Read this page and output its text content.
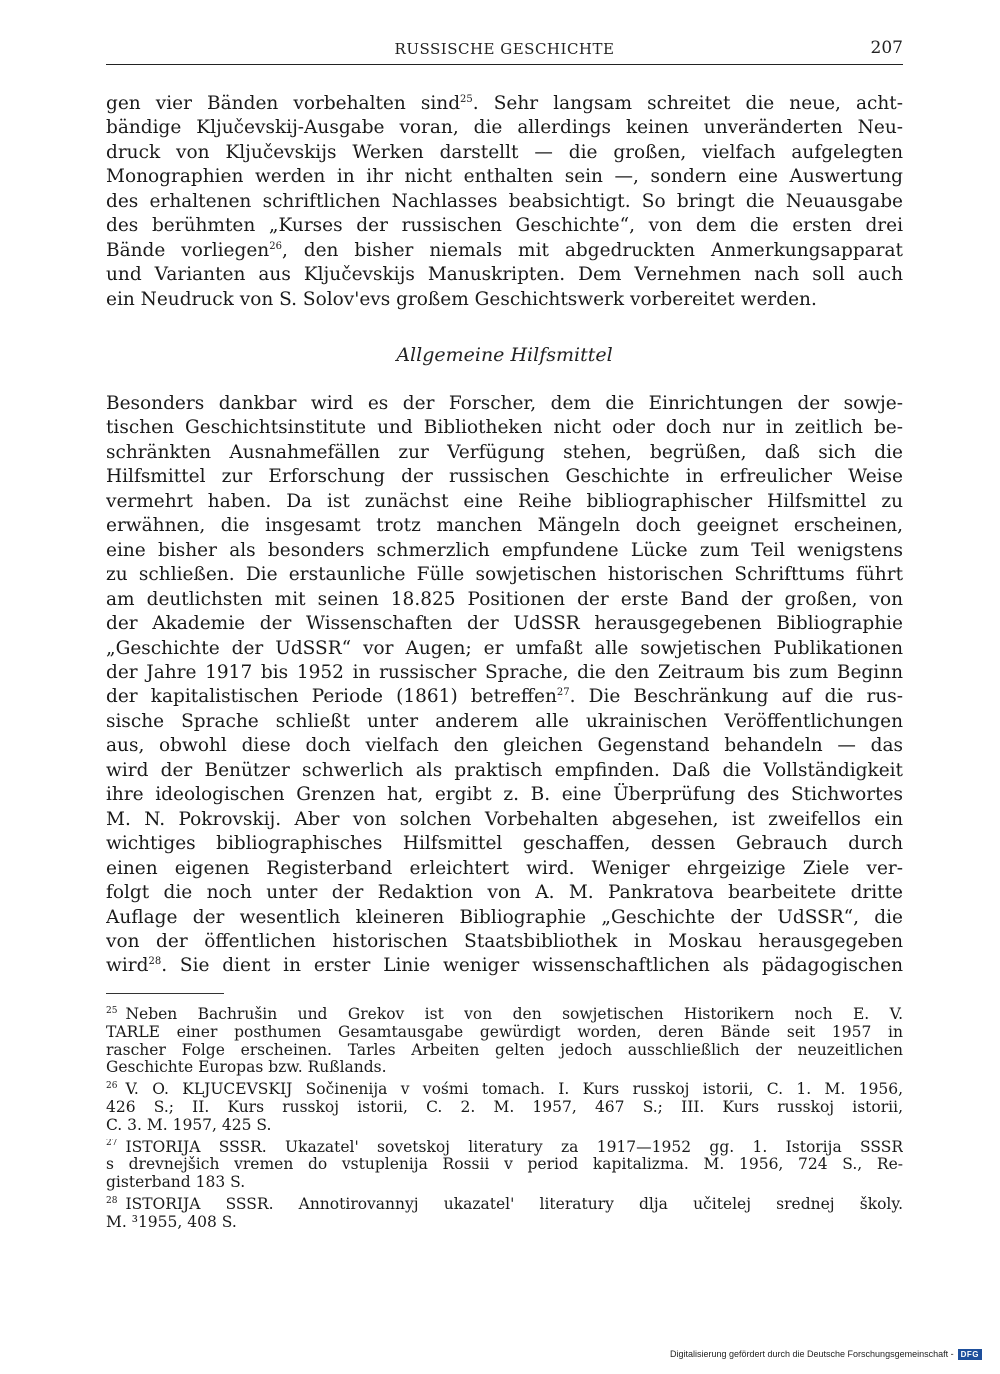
RUSSISCHE GESCHICHTE	207
gen vier Bänden vorbehalten sind$^{25}$. Sehr langsam schreitet die neue, acht-
bändige Ključevskij-Ausgabe voran, die allerdings keinen unveränderten Neu-
druck von Ključevskijs Werken darstellt — die großen, vielfach aufgelegten
Monographien werden in ihr nicht enthalten sein —, sondern eine Auswertung
des erhaltenen schriftlichen Nachlasses beabsichtigt. So bringt die Neuausgabe
des berühmten „Kurses der russischen Geschichte“, von dem die ersten drei
Bände vorliegen$^{26}$, den bisher niemals mit abgedruckten Anmerkungsapparat
und Varianten aus Ključevskijs Manuskripten. Dem Vernehmen nach soll auch
ein Neudruck von S. Solov'evs großem Geschichtswerk vorbereitet werden.
Allgemeine Hilfsmittel
Besonders dankbar wird es der Forscher, dem die Einrichtungen der sowje-
tischen Geschichtsinstitute und Bibliotheken nicht oder doch nur in zeitlich be-
schränkten Ausnahmefällen zur Verfügung stehen, begrüßen, daß sich die
Hilfsmittel zur Erforschung der russischen Geschichte in erfreulicher Weise
vermehrt haben. Da ist zunächst eine Reihe bibliographischer Hilfsmittel zu
erwähnen, die insgesamt trotz manchen Mängeln doch geeignet erscheinen,
eine bisher als besonders schmerzlich empfundene Lücke zum Teil wenigstens
zu schließen. Die erstaunliche Fülle sowjetischen historischen Schrifttums führt
am deutlichsten mit seinen 18.825 Positionen der erste Band der großen, von
der Akademie der Wissenschaften der UdSSR herausgegebenen Bibliographie
„Geschichte der UdSSR“ vor Augen; er umfaßt alle sowjetischen Publikationen
der Jahre 1917 bis 1952 in russischer Sprache, die den Zeitraum bis zum Beginn
der kapitalistischen Periode (1861) betreffen$^{27}$. Die Beschränkung auf die rus-
sische Sprache schließt unter anderem alle ukrainischen Veröffentlichungen
aus, obwohl diese doch vielfach den gleichen Gegenstand behandeln — das
wird der Benützer schwerlich als praktisch empfinden. Daß die Vollständigkeit
ihre ideologischen Grenzen hat, ergibt z. B. eine Überprüfung des Stichwortes
M. N. Pokrovskij. Aber von solchen Vorbehalten abgesehen, ist zweifellos ein
wichtiges bibliographisches Hilfsmittel geschaffen, dessen Gebrauch durch
einen eigenen Registerband erleichtert wird. Weniger ehrgeizige Ziele ver-
folgt die noch unter der Redaktion von A. M. Pankratova bearbeitete dritte
Auflage der wesentlich kleineren Bibliographie „Geschichte der UdSSR“, die
von der öffentlichen historischen Staatsbibliothek in Moskau herausgegeben
wird$^{28}$. Sie dient in erster Linie weniger wissenschaftlichen als pädagogischen
$^{25}$ Neben Bachrušin und Grekov ist von den sowjetischen Historikern noch E. V.
TARLE einer posthumen Gesamtausgabe gewürdigt worden, deren Bände seit 1957 in
rascher Folge erscheinen. Tarles Arbeiten gelten jedoch ausschließlich der neuzeitlichen
Geschichte Europas bzw. Rußlands.
$^{26}$ V. O. KLJUČEVSKIJ Sočinenija v vośmi tomach. I. Kurs russkoj istorii, Č. 1. M. 1956,
426 S.; II. Kurs russkoj istorii, Č. 2. M. 1957, 467 S.; III. Kurs russkoj istorii,
Č. 3. M. 1957, 425 S.
$^{27}$ ISTORIJA SSSR. Ukazatel' sovetskoj literatury za 1917—1952 gg. 1. Istorija SSSR
s drevnejšich vremen do vstuplenija Rossii v period kapitalizma. M. 1956, 724 S., Re-
gisterband 183 S.
$^{28}$ ISTORIJA SSSR. Annotirovannyj ukazatel' literatury dlja učitelej srednej školy.
M. ³1955, 408 S.
Digitalisierung gefördert durch die Deutsche Forschungsgemeinschaft - DFG
